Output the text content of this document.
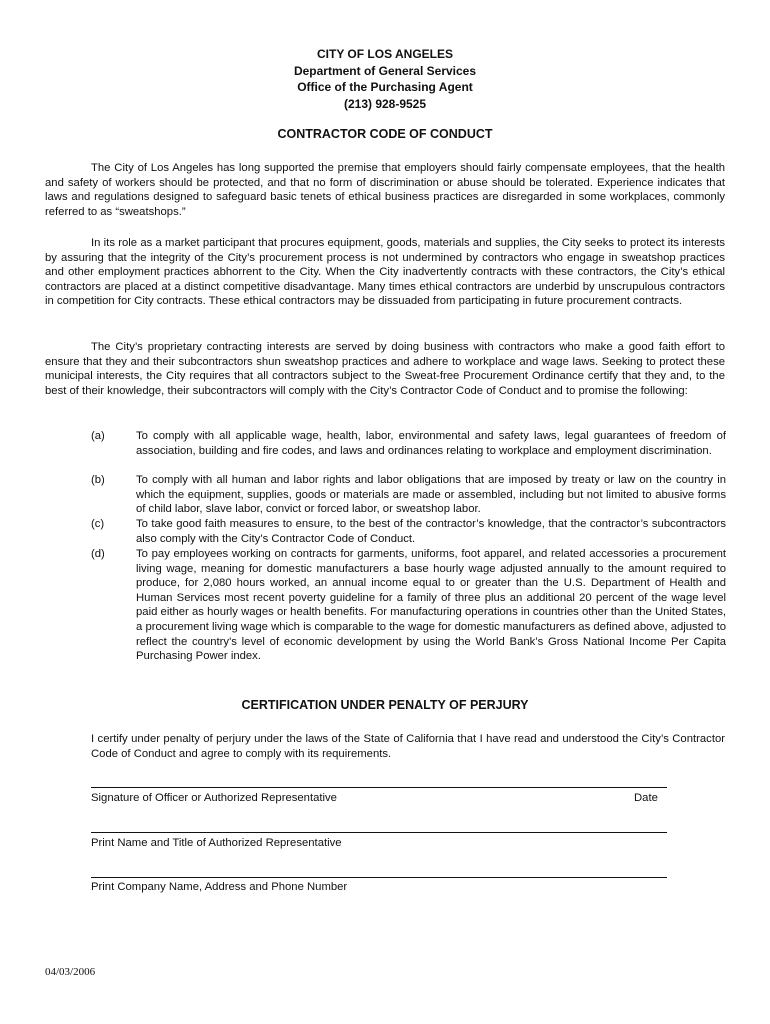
CITY OF LOS ANGELES
Department of General Services
Office of the Purchasing Agent
(213) 928-9525
CONTRACTOR CODE OF CONDUCT

The City of Los Angeles has long supported the premise that employers should fairly compensate employees, that the health and safety of workers should be protected, and that no form of discrimination or abuse should be tolerated. Experience indicates that laws and regulations designed to safeguard basic tenets of ethical business practices are disregarded in some workplaces, commonly referred to as “sweatshops.”

In its role as a market participant that procures equipment, goods, materials and supplies, the City seeks to protect its interests by assuring that the integrity of the City’s procurement process is not undermined by contractors who engage in sweatshop practices and other employment practices abhorrent to the City. When the City inadvertently contracts with these contractors, the City’s ethical contractors are placed at a distinct competitive disadvantage. Many times ethical contractors are underbid by unscrupulous contractors in competition for City contracts. These ethical contractors may be dissuaded from participating in future procurement contracts.

The City’s proprietary contracting interests are served by doing business with contractors who make a good faith effort to ensure that they and their subcontractors shun sweatshop practices and adhere to workplace and wage laws. Seeking to protect these municipal interests, the City requires that all contractors subject to the Sweat-free Procurement Ordinance certify that they and, to the best of their knowledge, their subcontractors will comply with the City’s Contractor Code of Conduct and to promise the following:

(a)	To comply with all applicable wage, health, labor, environmental and safety laws, legal guarantees of freedom of association, building and fire codes, and laws and ordinances relating to workplace and employment discrimination.
(b)	To comply with all human and labor rights and labor obligations that are imposed by treaty or law on the country in which the equipment, supplies, goods or materials are made or assembled, including but not limited to abusive forms of child labor, slave labor, convict or forced labor, or sweatshop labor.
(c)	To take good faith measures to ensure, to the best of the contractor’s knowledge, that the contractor’s subcontractors also comply with the City’s Contractor Code of Conduct.
(d)	To pay employees working on contracts for garments, uniforms, foot apparel, and related accessories a procurement living wage, meaning for domestic manufacturers a base hourly wage adjusted annually to the amount required to produce, for 2,080 hours worked, an annual income equal to or greater than the U.S. Department of Health and Human Services most recent poverty guideline for a family of three plus an additional 20 percent of the wage level paid either as hourly wages or health benefits. For manufacturing operations in countries other than the United States, a procurement living wage which is comparable to the wage for domestic manufacturers as defined above, adjusted to reflect the country's level of economic development by using the World Bank’s Gross National Income Per Capita Purchasing Power index.
CERTIFICATION UNDER PENALTY OF PERJURY

I certify under penalty of perjury under the laws of the State of California that I have read and understood the City’s Contractor Code of Conduct and agree to comply with its requirements.

Signature of Officer or Authorized Representative	Date
Print Name and Title of Authorized Representative
Print Company Name, Address and Phone Number
04/03/2006
